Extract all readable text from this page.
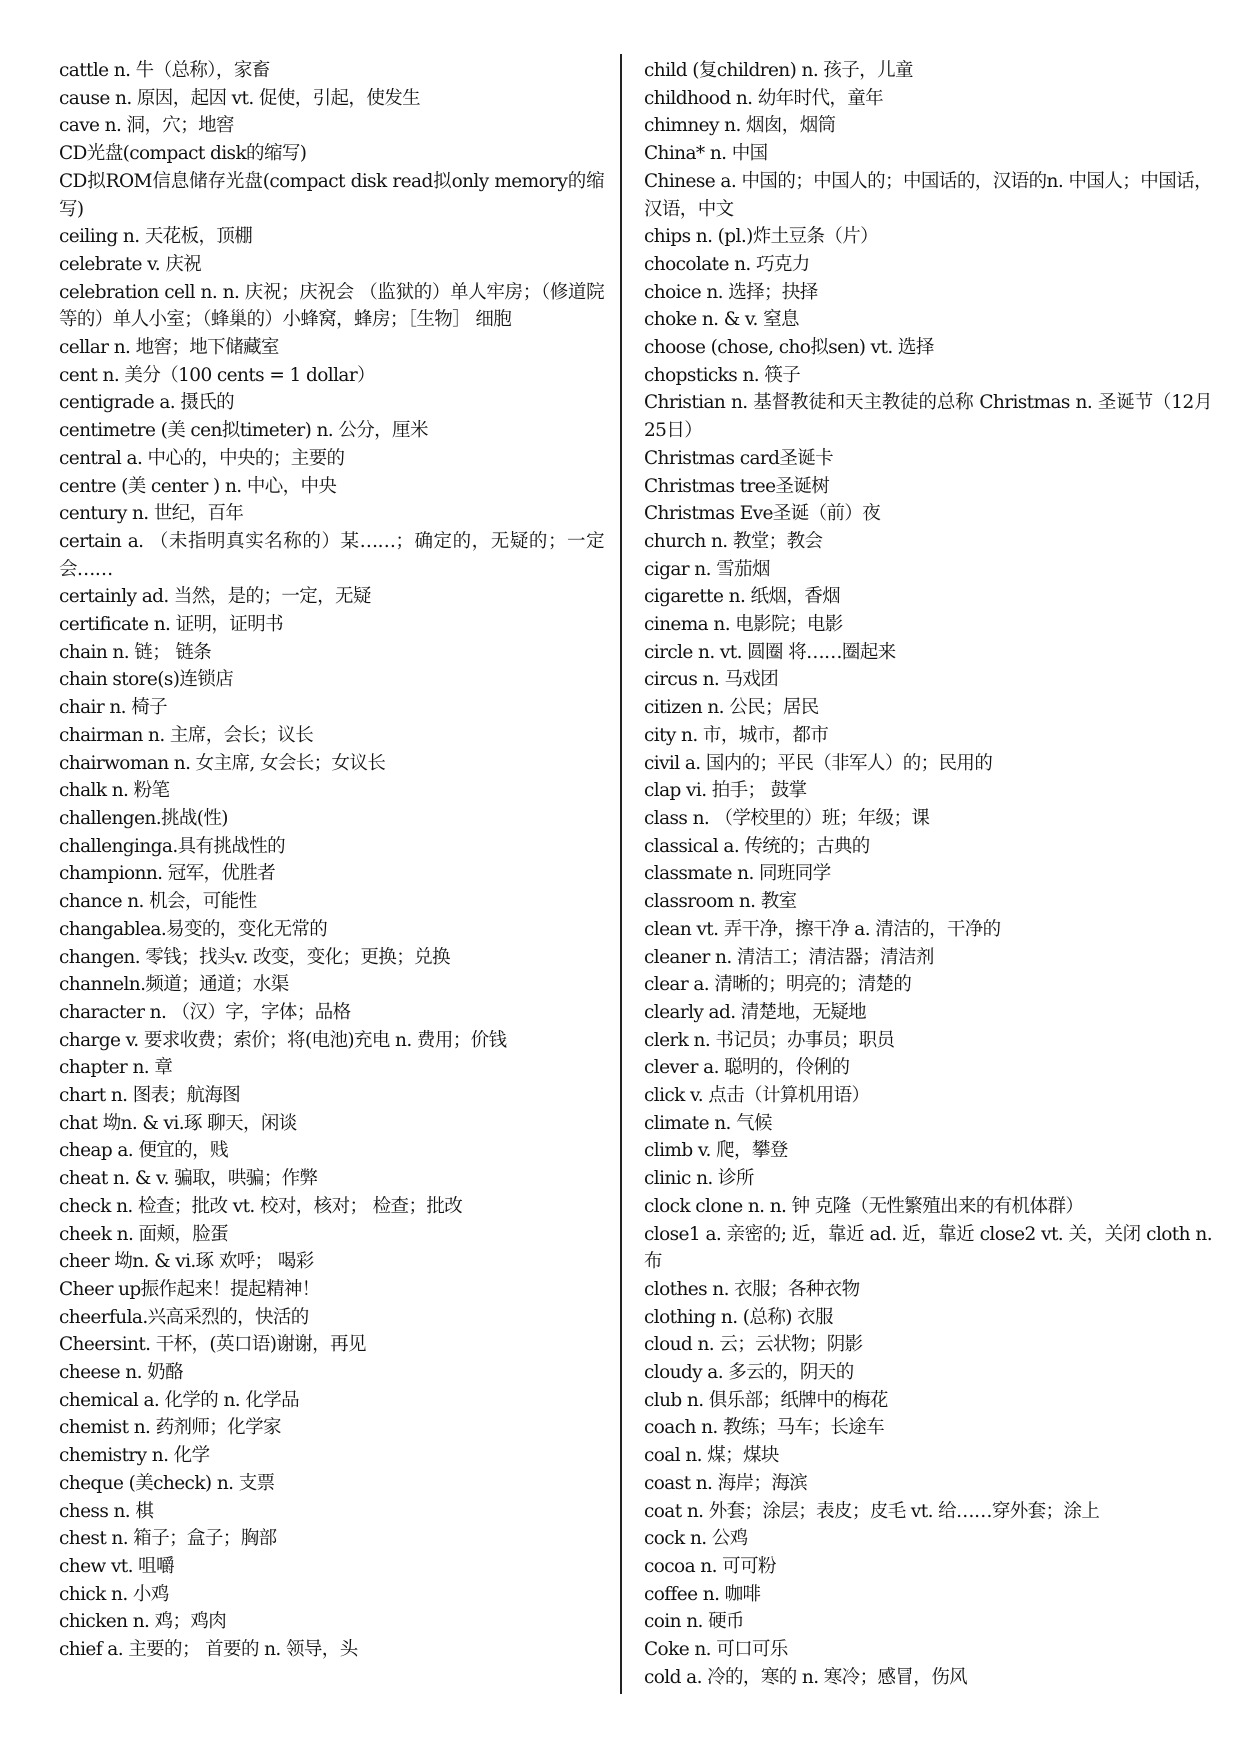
cattle n. 牛（总称），家畜
cause n. 原因，起因 vt. 促使，引起，使发生
cave n. 洞，穴；地窖
CD光盘(compact disk的缩写)
CD拟ROM信息储存光盘(compact disk read拟only memory的缩写)
ceiling n. 天花板，顶棚
celebrate v. 庆祝
celebration cell n. n. 庆祝；庆祝会 （监狱的）单人牢房；（修道院等的）单人小室；（蜂巢的）小蜂窝，蜂房；［生物］ 细胞
cellar n. 地窖；地下储藏室
cent n. 美分（100 cents = 1 dollar）
centigrade a. 摄氏的
centimetre (美 cen拟timeter) n. 公分，厘米
central a. 中心的，中央的；主要的
centre (美 center ) n. 中心，中央
century n. 世纪，百年
certain a. （未指明真实名称的）某……；确定的，无疑的；一定会……
certainly ad. 当然，是的；一定，无疑
certificate n. 证明，证明书
chain n. 链； 链条
chain store(s)连锁店
chair n. 椅子
chairman n. 主席，会长；议长
chairwoman n. 女主席, 女会长；女议长
chalk n. 粉笔
challengen.挑战(性)
challenginga.具有挑战性的
championn. 冠军，优胜者
chance n. 机会，可能性
changablea.易变的，变化无常的
changen. 零钱；找头v. 改变，变化；更换；兑换
channeln.频道；通道；水渠
character n. （汉）字，字体；品格
charge v. 要求收费；索价；将(电池)充电 n. 费用；价钱
chapter n. 章
chart n. 图表；航海图
chat 坳n. & vi.琢 聊天，闲谈
cheap a. 便宜的，贱
cheat n. & v. 骗取，哄骗；作弊
check n. 检查；批改 vt. 校对，核对； 检查；批改
cheek n. 面颊，脸蛋
cheer 坳n. & vi.琢 欢呼； 喝彩
Cheer up振作起来！提起精神！
cheerfula.兴高采烈的，快活的
Cheersint. 干杯，(英口语)谢谢，再见
cheese n. 奶酪
chemical a. 化学的 n. 化学品
chemist n. 药剂师；化学家
chemistry n. 化学
cheque (美check) n. 支票
chess n. 棋
chest n. 箱子；盒子；胸部
chew vt. 咀嚼
chick n. 小鸡
chicken n. 鸡；鸡肉
chief a. 主要的； 首要的 n. 领导，头
child (复children) n. 孩子，儿童
childhood n. 幼年时代，童年
chimney n. 烟囱，烟筒
China* n. 中国
Chinese a. 中国的；中国人的；中国话的，汉语的n. 中国人；中国话，汉语，中文
chips n. (pl.)炸土豆条（片）
chocolate n. 巧克力
choice n. 选择；抉择
choke n. & v. 窒息
choose (chose, cho拟sen) vt. 选择
chopsticks n. 筷子
Christian n. 基督教徒和天主教徒的总称 Christmas n. 圣诞节（12月25日）
Christmas card圣诞卡
Christmas tree圣诞树
Christmas Eve圣诞（前）夜
church n. 教堂；教会
cigar n. 雪茄烟
cigarette n. 纸烟，香烟
cinema n. 电影院；电影
circle n. vt. 圆圈 将……圈起来
circus n. 马戏团
citizen n. 公民；居民
city n. 市，城市，都市
civil a. 国内的；平民（非军人）的；民用的
clap vi. 拍手； 鼓掌
class n. （学校里的）班；年级；课
classical a. 传统的；古典的
classmate n. 同班同学
classroom n. 教室
clean vt. 弄干净，擦干净 a. 清洁的，干净的
cleaner n. 清洁工；清洁器；清洁剂
clear a. 清晰的；明亮的；清楚的
clearly ad. 清楚地，无疑地
clerk n. 书记员；办事员；职员
clever a. 聪明的，伶俐的
click v. 点击（计算机用语）
climate n. 气候
climb v. 爬，攀登
clinic n. 诊所
clock clone n. n. 钟 克隆（无性繁殖出来的有机体群）
close1 a. 亲密的; 近，靠近 ad. 近，靠近 close2 vt. 关，关闭 cloth n. 布
clothes n. 衣服；各种衣物
clothing n. (总称) 衣服
cloud n. 云；云状物；阴影
cloudy a. 多云的，阴天的
club n. 俱乐部；纸牌中的梅花
coach n. 教练；马车；长途车
coal n. 煤；煤块
coast n. 海岸；海滨
coat n. 外套；涂层；表皮；皮毛 vt. 给……穿外套；涂上
cock n. 公鸡
cocoa n. 可可粉
coffee n. 咖啡
coin n. 硬币
Coke n. 可口可乐
cold a. 冷的，寒的 n. 寒冷；感冒，伤风
